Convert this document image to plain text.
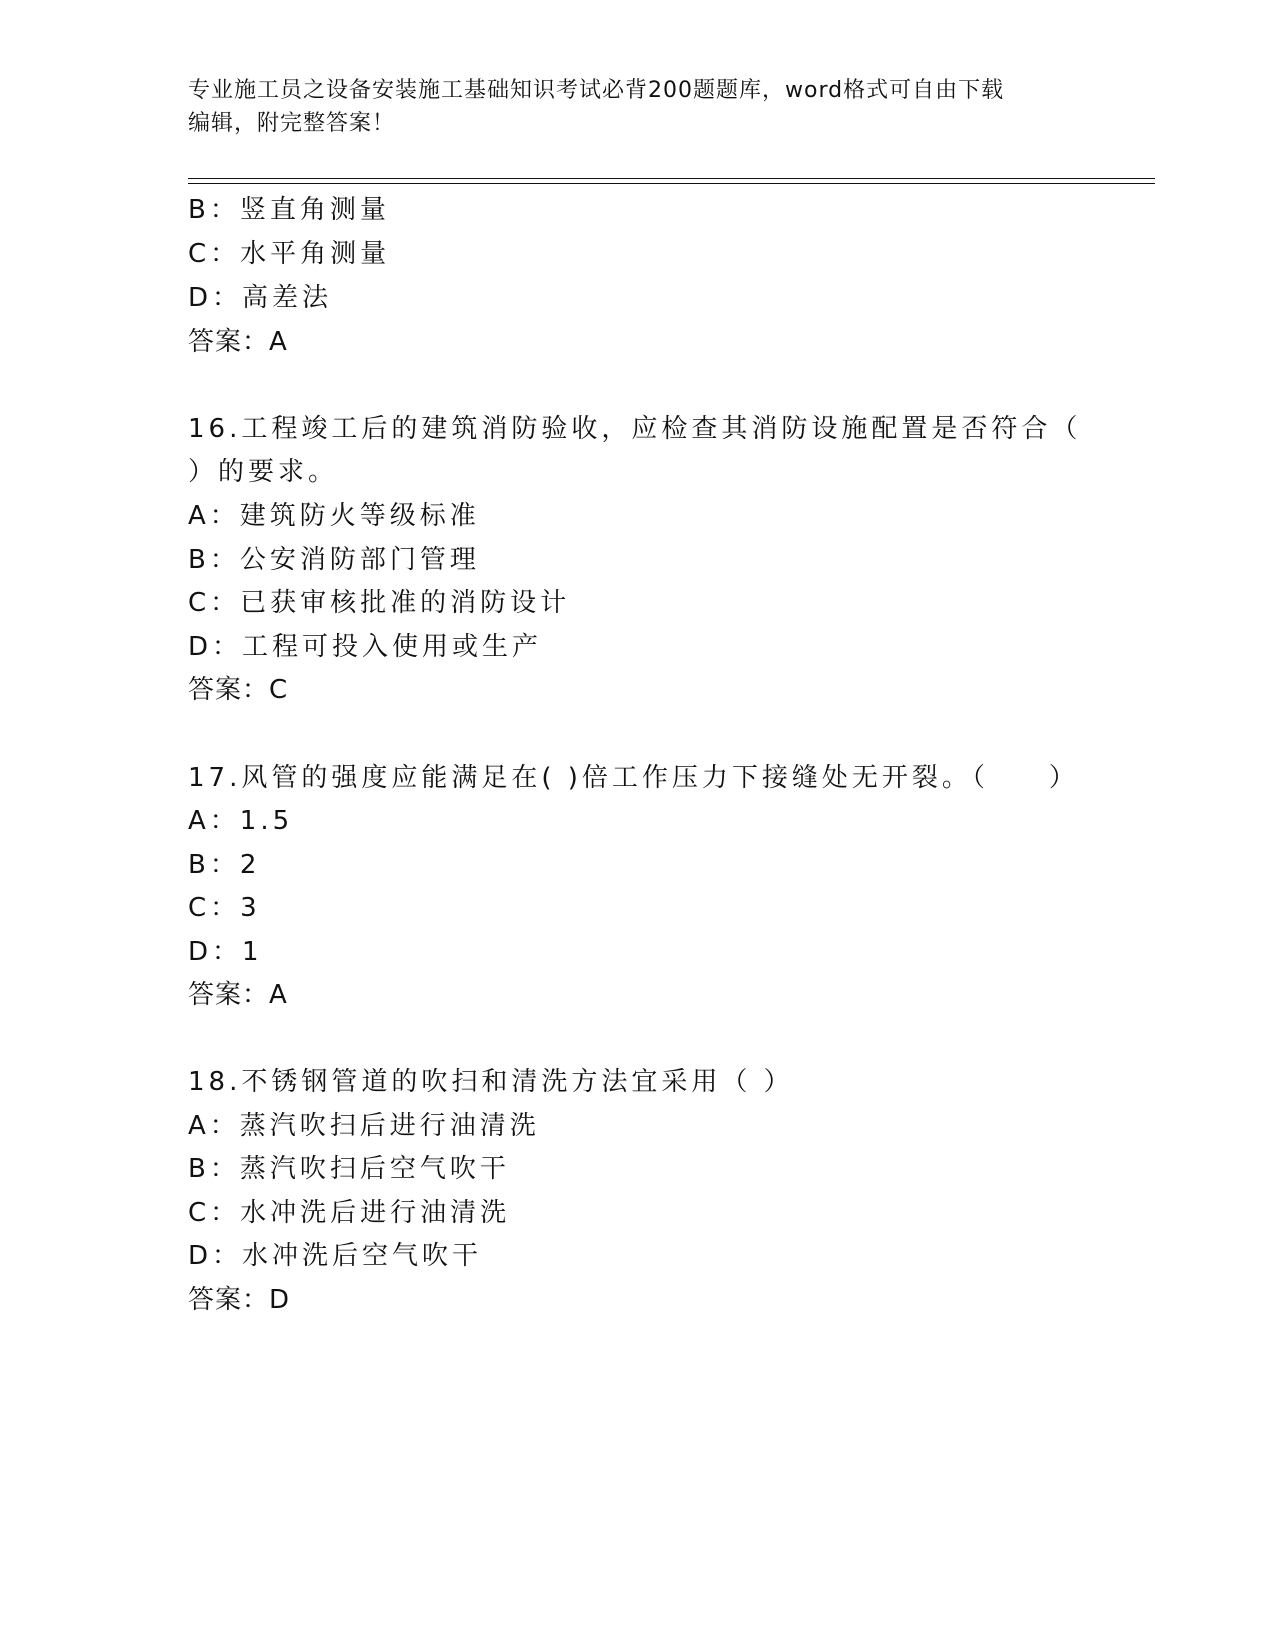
专业施工员之设备安装施工基础知识考试必背200题题库，word格式可自由下载
编辑，附完整答案！
B：竖直角测量
C：水平角测量
D：高差法
答案：A
16.工程竣工后的建筑消防验收，应检查其消防设施配置是否符合（
）的要求。
A：建筑防火等级标准
B：公安消防部门管理
C：已获审核批准的消防设计
D：工程可投入使用或生产
答案：C
17.风管的强度应能满足在( )倍工作压力下接缝处无开裂。（　　）
A：1.5
B：2
C：3
D：1
答案：A
18.不锈钢管道的吹扫和清洗方法宜采用（ ）
A：蒸汽吹扫后进行油清洗
B：蒸汽吹扫后空气吹干
C：水冲洗后进行油清洗
D：水冲洗后空气吹干
答案：D
